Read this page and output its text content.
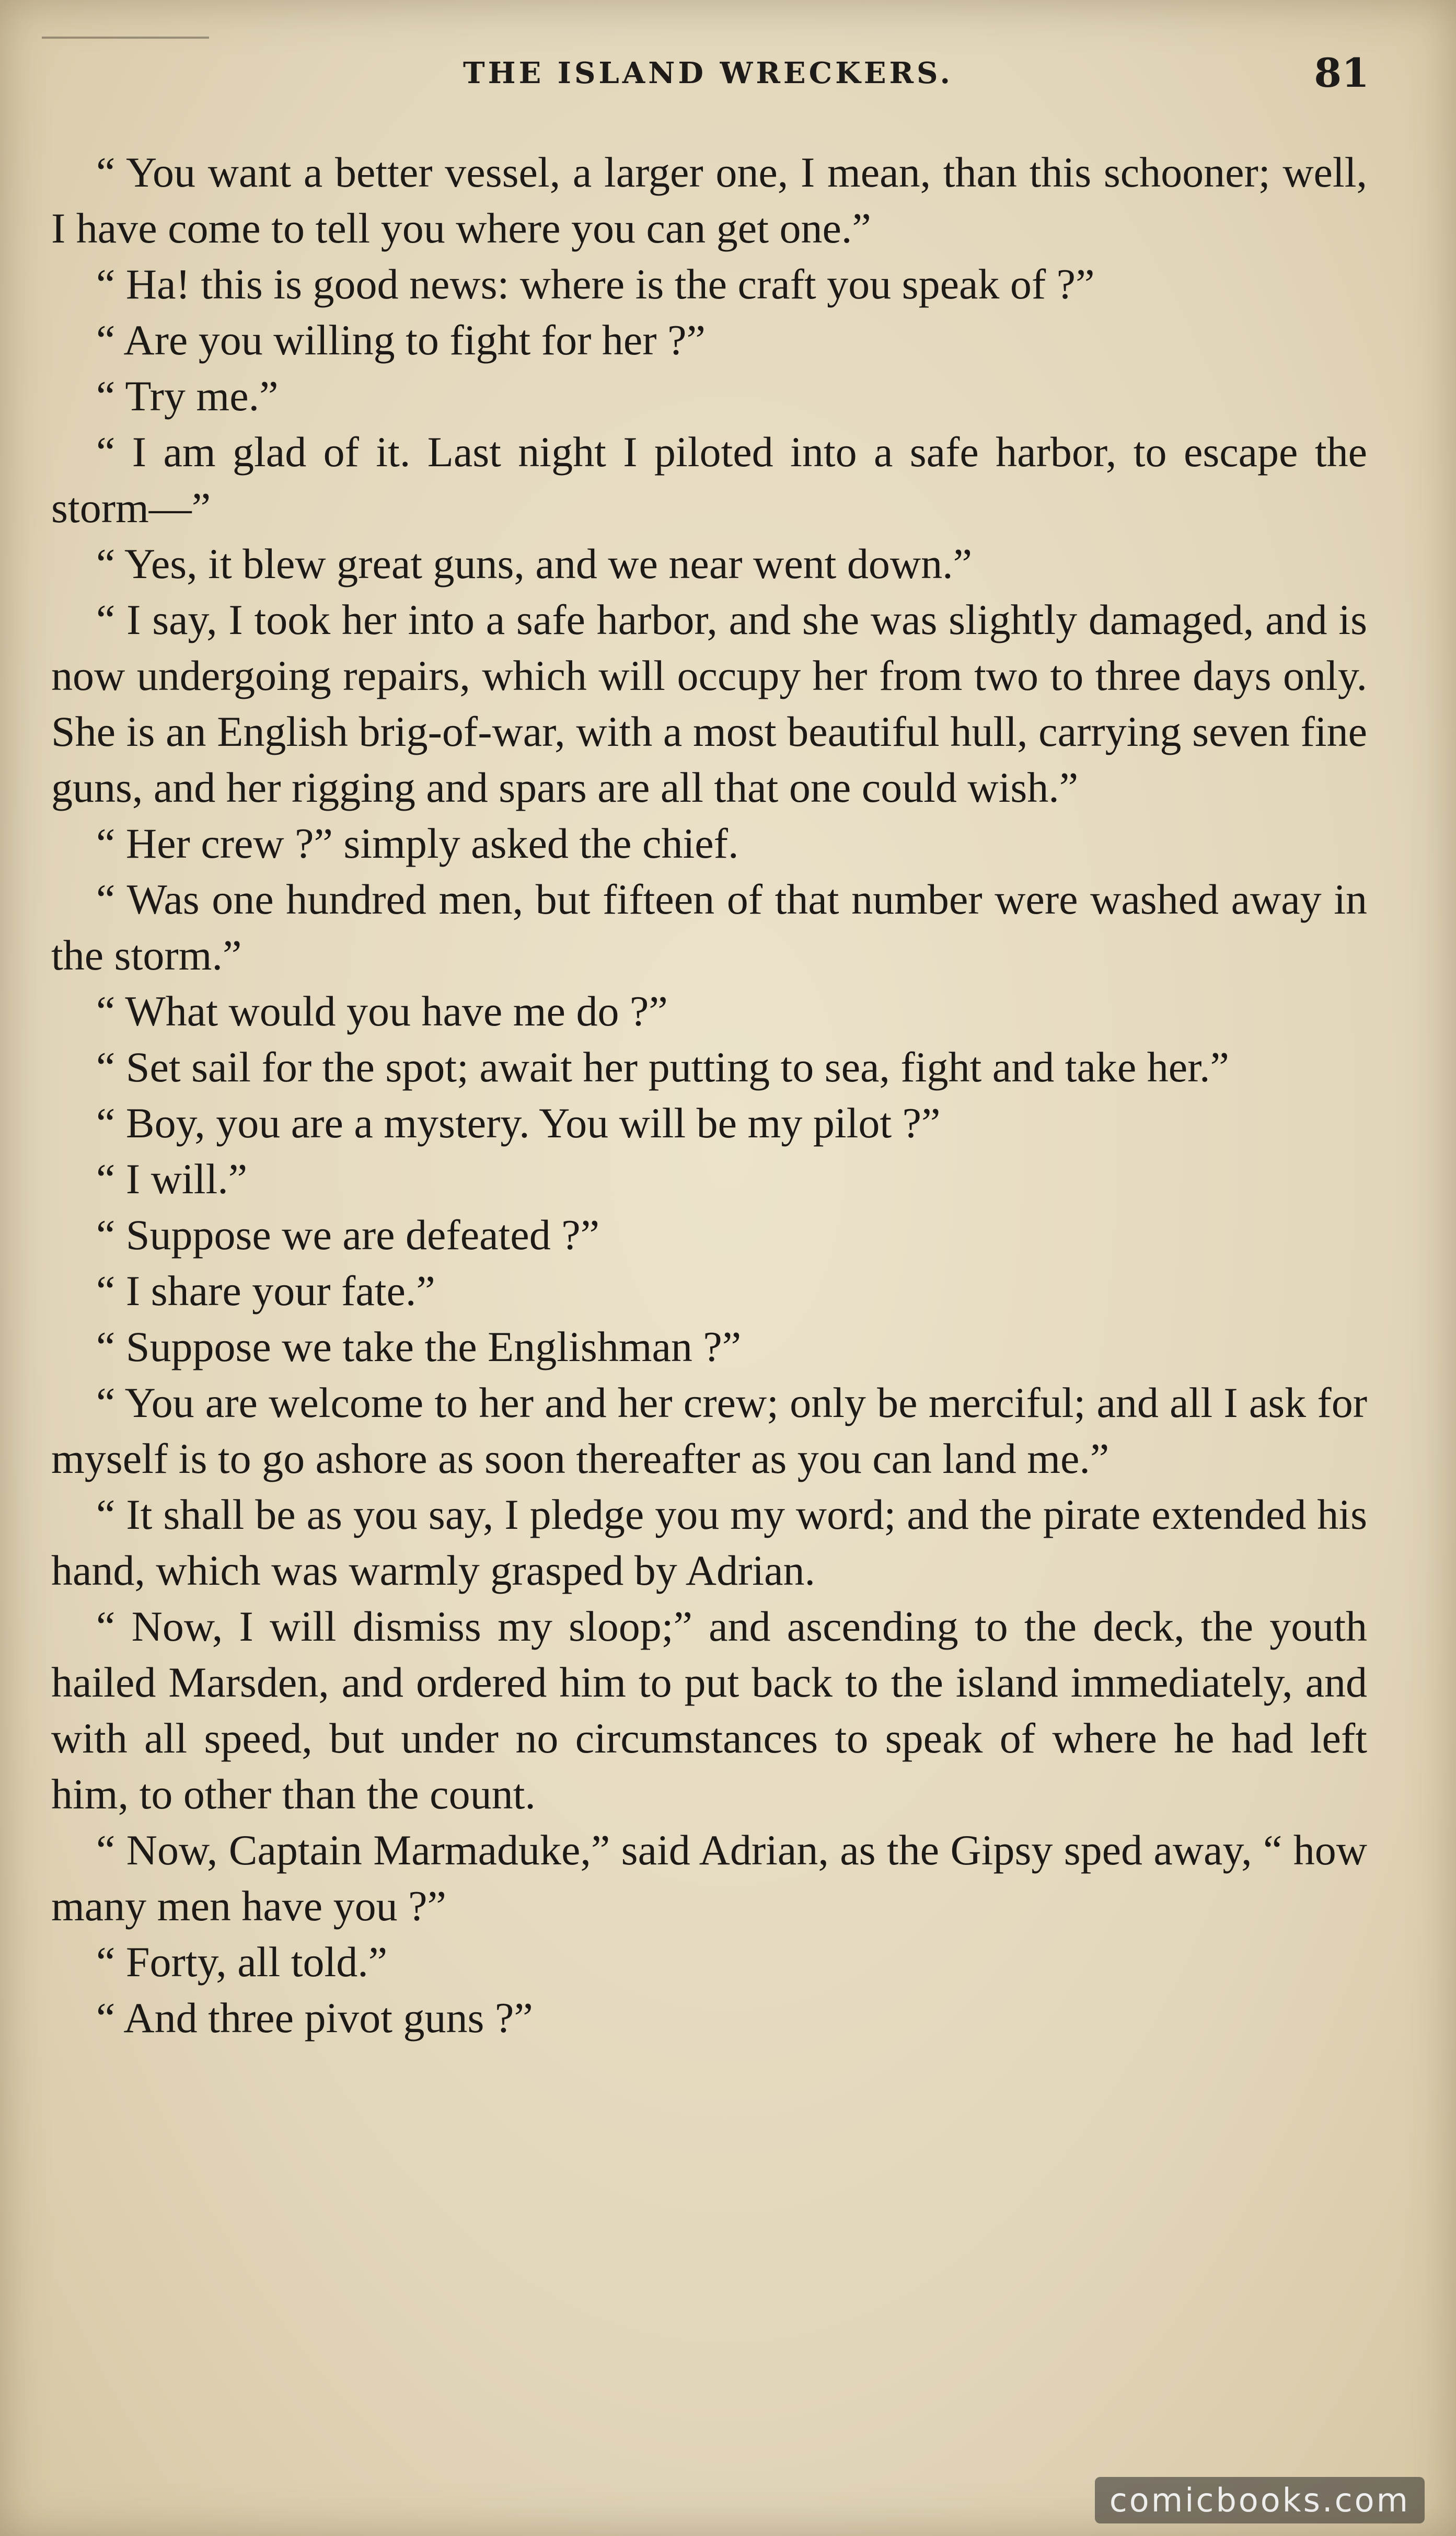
THE ISLAND WRECKERS.	81

“ You want a better vessel, a larger one, I mean, than this schooner; well, I have come to tell you where you can get one.”

“ Ha! this is good news: where is the craft you speak of ?”

“ Are you willing to fight for her ?”

“ Try me.”

“ I am glad of it. Last night I piloted into a safe harbor, to escape the storm—”

“ Yes, it blew great guns, and we near went down.”

“ I say, I took her into a safe harbor, and she was slightly damaged, and is now undergoing repairs, which will occupy her from two to three days only. She is an English brig-of-war, with a most beautiful hull, carrying seven fine guns, and her rigging and spars are all that one could wish.”

“ Her crew ?” simply asked the chief.

“ Was one hundred men, but fifteen of that number were washed away in the storm.”

“ What would you have me do ?”

“ Set sail for the spot; await her putting to sea, fight and take her.”

“ Boy, you are a mystery. You will be my pilot ?”

“ I will.”

“ Suppose we are defeated ?”

“ I share your fate.”

“ Suppose we take the Englishman ?”

“ You are welcome to her and her crew; only be merciful; and all I ask for myself is to go ashore as soon thereafter as you can land me.”

“ It shall be as you say, I pledge you my word; and the pirate extended his hand, which was warmly grasped by Adrian.

“ Now, I will dismiss my sloop;” and ascending to the deck, the youth hailed Marsden, and ordered him to put back to the island immediately, and with all speed, but under no circumstances to speak of where he had left him, to other than the count.

“ Now, Captain Marmaduke,” said Adrian, as the Gipsy sped away, “ how many men have you ?”

“ Forty, all told.”

“ And three pivot guns ?”

comicbooks.com
